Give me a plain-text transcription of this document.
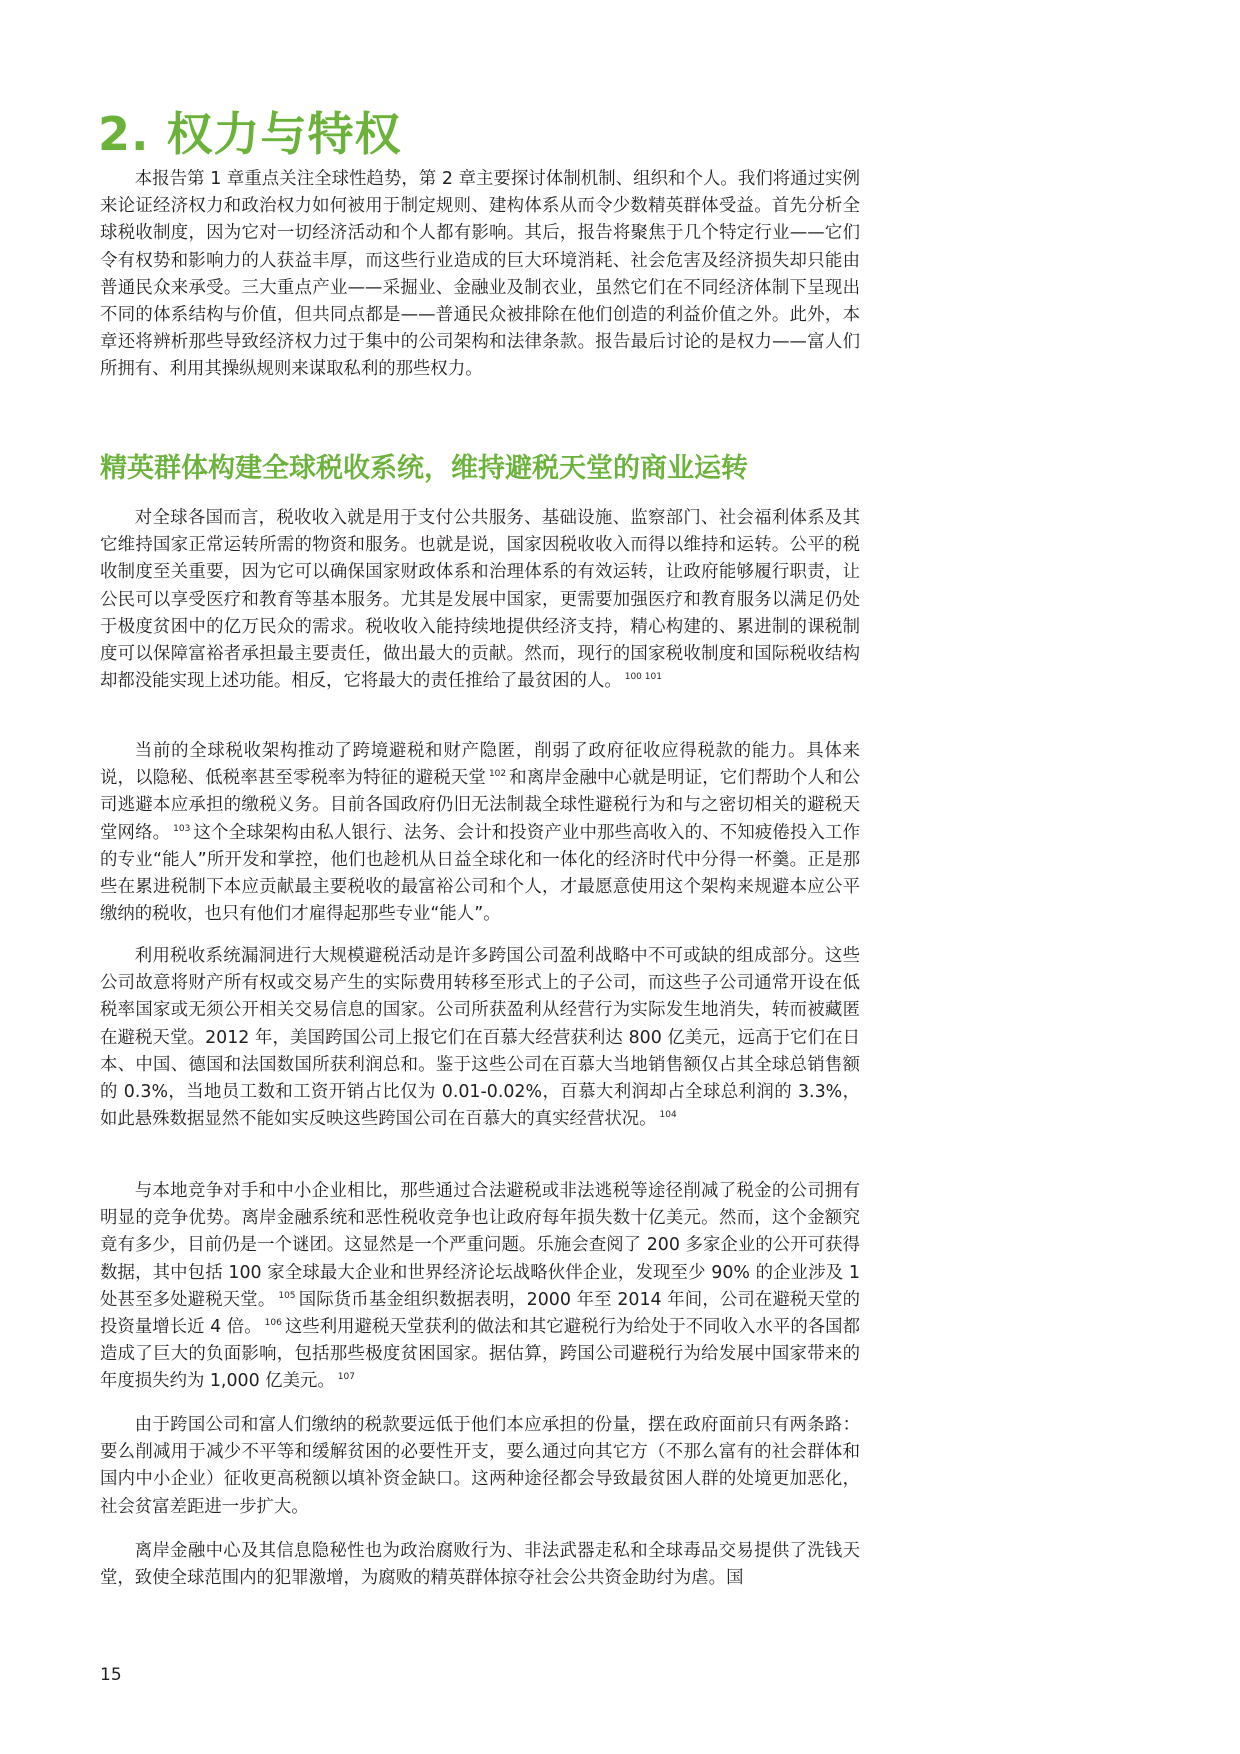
2. 权力与特权

本报告第 1 章重点关注全球性趋势，第 2 章主要探讨体制机制、组织和个人。我们将通过实例来论证经济权力和政治权力如何被用于制定规则、建构体系从而令少数精英群体受益。首先分析全球税收制度，因为它对一切经济活动和个人都有影响。其后，报告将聚焦于几个特定行业——它们令有权势和影响力的人获益丰厚，而这些行业造成的巨大环境消耗、社会危害及经济损失却只能由普通民众来承受。三大重点产业——采掘业、金融业及制衣业，虽然它们在不同经济体制下呈现出不同的体系结构与价值，但共同点都是——普通民众被排除在他们创造的利益价值之外。此外，本章还将辨析那些导致经济权力过于集中的公司架构和法律条款。报告最后讨论的是权力——富人们所拥有、利用其操纵规则来谋取私利的那些权力。

精英群体构建全球税收系统，维持避税天堂的商业运转

对全球各国而言，税收收入就是用于支付公共服务、基础设施、监察部门、社会福利体系及其它维持国家正常运转所需的物资和服务。也就是说，国家因税收收入而得以维持和运转。公平的税收制度至关重要，因为它可以确保国家财政体系和治理体系的有效运转，让政府能够履行职责，让公民可以享受医疗和教育等基本服务。尤其是发展中国家，更需要加强医疗和教育服务以满足仍处于极度贫困中的亿万民众的需求。税收收入能持续地提供经济支持，精心构建的、累进制的课税制度可以保障富裕者承担最主要责任，做出最大的贡献。然而，现行的国家税收制度和国际税收结构却都没能实现上述功能。相反，它将最大的责任推给了最贫困的人。 $^{100 101}$

当前的全球税收架构推动了跨境避税和财产隐匿，削弱了政府征收应得税款的能力。具体来说，以隐秘、低税率甚至零税率为特征的避税天堂 $^{102}$ 和离岸金融中心就是明证，它们帮助个人和公司逃避本应承担的缴税义务。目前各国政府仍旧无法制裁全球性避税行为和与之密切相关的避税天堂网络。 $^{103}$ 这个全球架构由私人银行、法务、会计和投资产业中那些高收入的、不知疲倦投入工作的专业“能人”所开发和掌控，他们也趁机从日益全球化和一体化的经济时代中分得一杯羹。正是那些在累进税制下本应贡献最主要税收的最富裕公司和个人，才最愿意使用这个架构来规避本应公平缴纳的税收，也只有他们才雇得起那些专业“能人”。

利用税收系统漏洞进行大规模避税活动是许多跨国公司盈利战略中不可或缺的组成部分。这些公司故意将财产所有权或交易产生的实际费用转移至形式上的子公司，而这些子公司通常开设在低税率国家或无须公开相关交易信息的国家。公司所获盈利从经营行为实际发生地消失，转而被藏匿在避税天堂。2012 年，美国跨国公司上报它们在百慕大经营获利达 800 亿美元，远高于它们在日本、中国、德国和法国数国所获利润总和。鉴于这些公司在百慕大当地销售额仅占其全球总销售额的 0.3%，当地员工数和工资开销占比仅为 0.01-0.02%，百慕大利润却占全球总利润的 3.3%，如此悬殊数据显然不能如实反映这些跨国公司在百慕大的真实经营状况。 $^{104}$

与本地竞争对手和中小企业相比，那些通过合法避税或非法逃税等途径削减了税金的公司拥有明显的竞争优势。离岸金融系统和恶性税收竞争也让政府每年损失数十亿美元。然而，这个金额究竟有多少，目前仍是一个谜团。这显然是一个严重问题。乐施会查阅了 200 多家企业的公开可获得数据，其中包括 100 家全球最大企业和世界经济论坛战略伙伴企业，发现至少 90% 的企业涉及 1 处甚至多处避税天堂。 $^{105}$ 国际货币基金组织数据表明，2000 年至 2014 年间，公司在避税天堂的投资量增长近 4 倍。 $^{106}$ 这些利用避税天堂获利的做法和其它避税行为给处于不同收入水平的各国都造成了巨大的负面影响，包括那些极度贫困国家。据估算，跨国公司避税行为给发展中国家带来的年度损失约为 1,000 亿美元。 $^{107}$

由于跨国公司和富人们缴纳的税款要远低于他们本应承担的份量，摆在政府面前只有两条路：要么削减用于减少不平等和缓解贫困的必要性开支，要么通过向其它方（不那么富有的社会群体和国内中小企业）征收更高税额以填补资金缺口。这两种途径都会导致最贫困人群的处境更加恶化，社会贫富差距进一步扩大。

离岸金融中心及其信息隐秘性也为政治腐败行为、非法武器走私和全球毒品交易提供了洗钱天堂，致使全球范围内的犯罪激增，为腐败的精英群体掠夺社会公共资金助纣为虐。国

15
